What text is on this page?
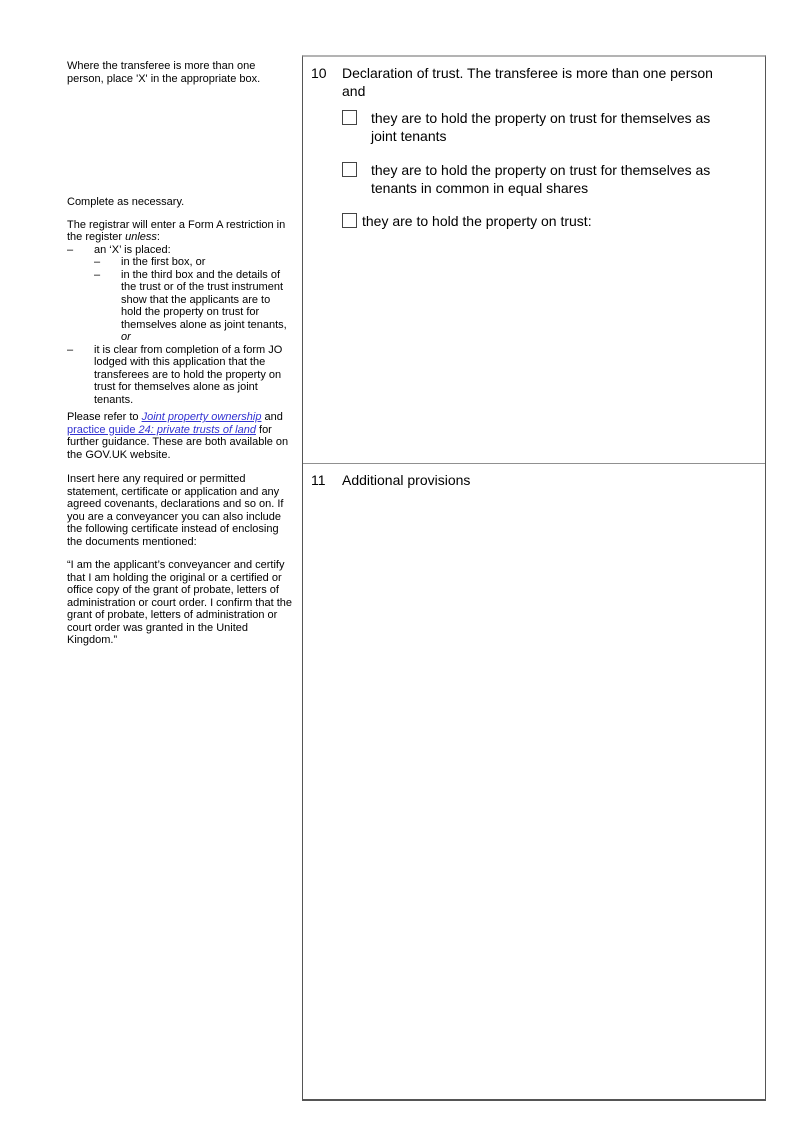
Where the transferee is more than one person, place 'X' in the appropriate box.

Complete as necessary.

The registrar will enter a Form A restriction in the register unless:

–	an ‘X’ is placed:
–	in the first box, or
–	in the third box and the details of the trust or of the trust instrument show that the applicants are to hold the property on trust for themselves alone as joint tenants, or
–	it is clear from completion of a form JO lodged with this application that the transferees are to hold the property on trust for themselves alone as joint tenants.

Please refer to Joint property ownership and practice guide 24: private trusts of land for further guidance. These are both available on the GOV.UK website.

Insert here any required or permitted statement, certificate or application and any agreed covenants, declarations and so on. If you are a conveyancer you can also include the following certificate instead of enclosing the documents mentioned:

“I am the applicant’s conveyancer and certify that I am holding the original or a certified or office copy of the grant of probate, letters of administration or court order. I confirm that the grant of probate, letters of administration or court order was granted in the United Kingdom.”

10	Declaration of trust. The transferee is more than one person and

they are to hold the property on trust for themselves as joint tenants
they are to hold the property on trust for themselves as tenants in common in equal shares
they are to hold the property on trust:
11	Additional provisions
